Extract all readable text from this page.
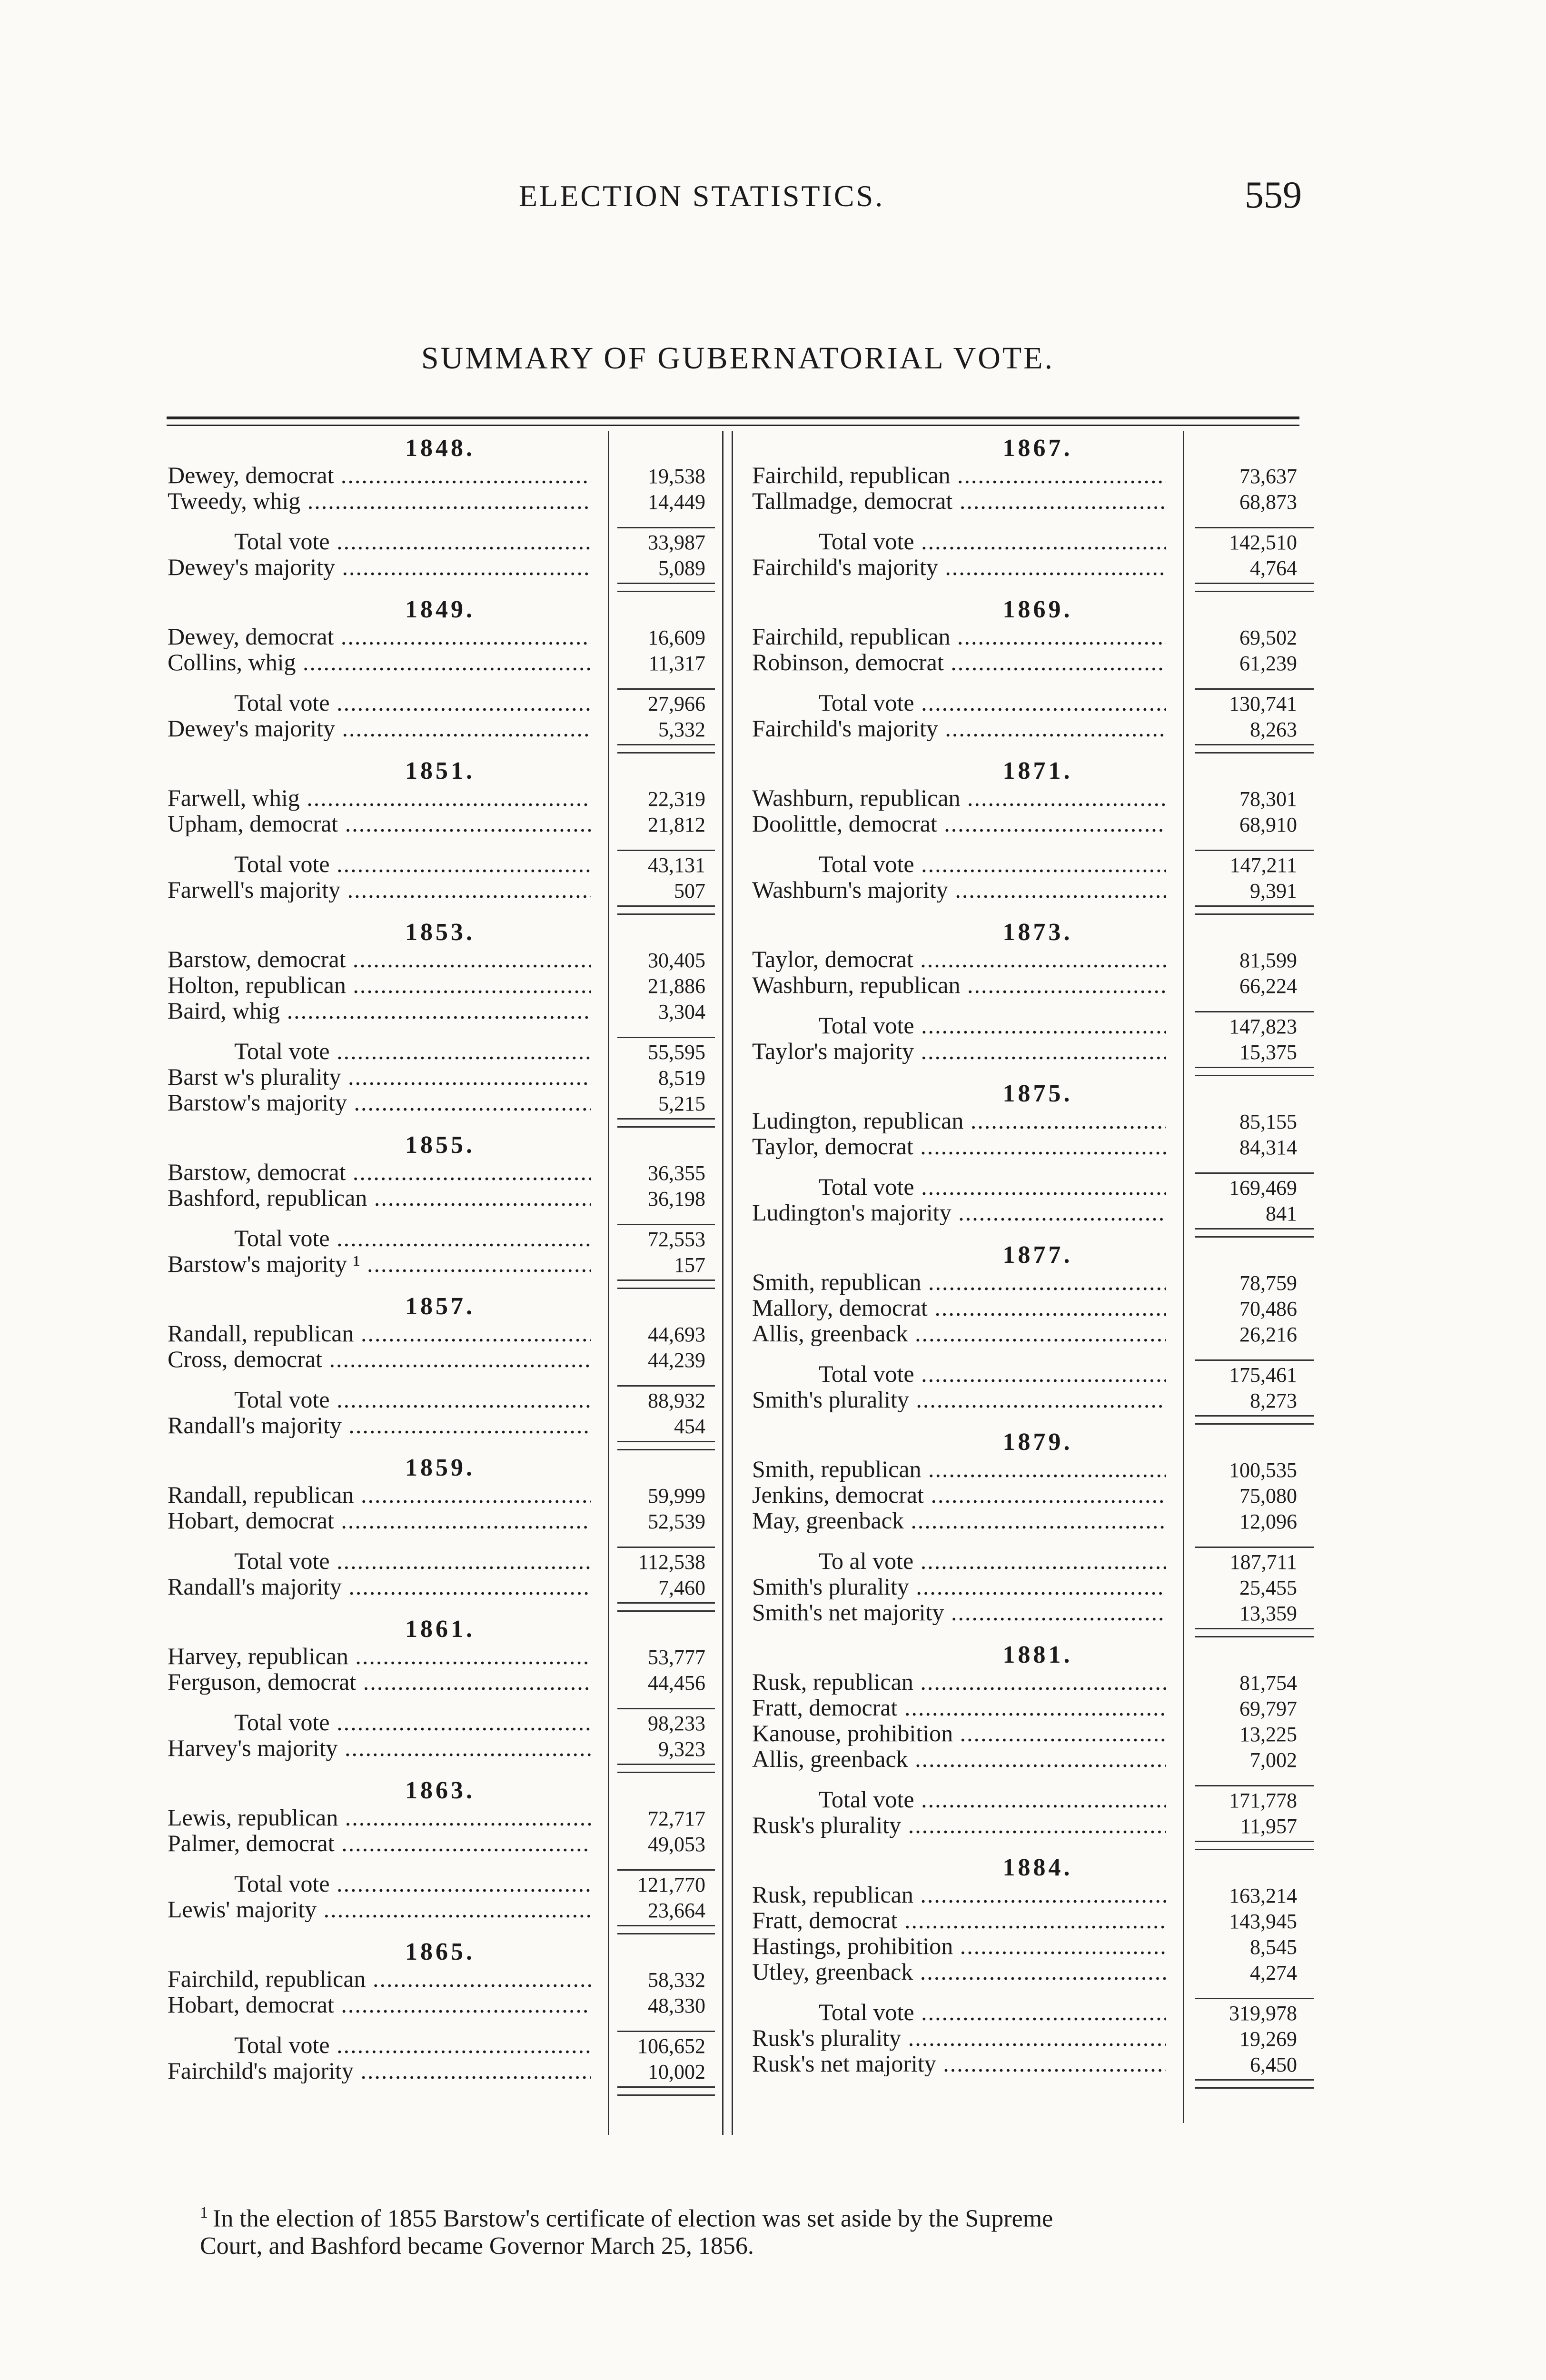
ELECTION STATISTICS.	559
SUMMARY OF GUBERNATORIAL VOTE.
1848.
Dewey, democrat .....	19,538
Tweedy, whig .....	14,449
Total vote .....	33,987
Dewey's majority .....	5,089
1849.
Dewey, democrat .....	16,609
Collins, whig .....	11,317
Total vote .....	27,966
Dewey's majority .....	5,332
1851.
Farwell, whig .....	22,319
Upham, democrat .....	21,812
Total vote .....	43,131
Farwell's majority .....	507
1853.
Barstow, democrat .....	30,405
Holton, republican .....	21,886
Baird, whig .....	3,304
Total vote .....	55,595
Barst w's plurality .....	8,519
Barstow's majority .....	5,215
1855.
Barstow, democrat .....	36,355
Bashford, republican .....	36,198
Total vote .....	72,553
Barstow's majority ¹ .....	157
1857.
Randall, republican .....	44,693
Cross, democrat .....	44,239
Total vote .....	88,932
Randall's majority .....	454
1859.
Randall, republican .....	59,999
Hobart, democrat .....	52,539
Total vote .....	112,538
Randall's majority .....	7,460
1861.
Harvey, republican .....	53,777
Ferguson, democrat .....	44,456
Total vote .....	98,233
Harvey's majority .....	9,323
1863.
Lewis, republican .....	72,717
Palmer, democrat .....	49,053
Total vote .....	121,770
Lewis' majority .....	23,664
1865.
Fairchild, republican .....	58,332
Hobart, democrat .....	48,330
Total vote .....	106,652
Fairchild's majority .....	10,002
1867.
Fairchild, republican .....	73,637
Tallmadge, democrat .....	68,873
Total vote .....	142,510
Fairchild's majority .....	4,764
1869.
Fairchild, republican .....	69,502
Robinson, democrat .....	61,239
Total vote .....	130,741
Fairchild's majority .....	8,263
1871.
Washburn, republican .....	78,301
Doolittle, democrat .....	68,910
Total vote .....	147,211
Washburn's majority .....	9,391
1873.
Taylor, democrat .....	81,599
Washburn, republican .....	66,224
Total vote .....	147,823
Taylor's majority .....	15,375
1875.
Ludington, republican .....	85,155
Taylor, democrat .....	84,314
Total vote .....	169,469
Ludington's majority .....	841
1877.
Smith, republican .....	78,759
Mallory, democrat .....	70,486
Allis, greenback .....	26,216
Total vote .....	175,461
Smith's plurality .....	8,273
1879.
Smith, republican .....	100,535
Jenkins, democrat .....	75,080
May, greenback .....	12,096
To al vote .....	187,711
Smith's plurality .....	25,455
Smith's net majority .....	13,359
1881.
Rusk, republican .....	81,754
Fratt, democrat .....	69,797
Kanouse, prohibition .....	13,225
Allis, greenback .....	7,002
Total vote .....	171,778
Rusk's plurality .....	11,957
1884.
Rusk, republican .....	163,214
Fratt, democrat .....	143,945
Hastings, prohibition .....	8,545
Utley, greenback .....	4,274
Total vote .....	319,978
Rusk's plurality .....	19,269
Rusk's net majority .....	6,450
$^1$ In the election of 1855 Barstow's certificate of election was set aside by the Supreme
Court, and Bashford became Governor March 25, 1856.
